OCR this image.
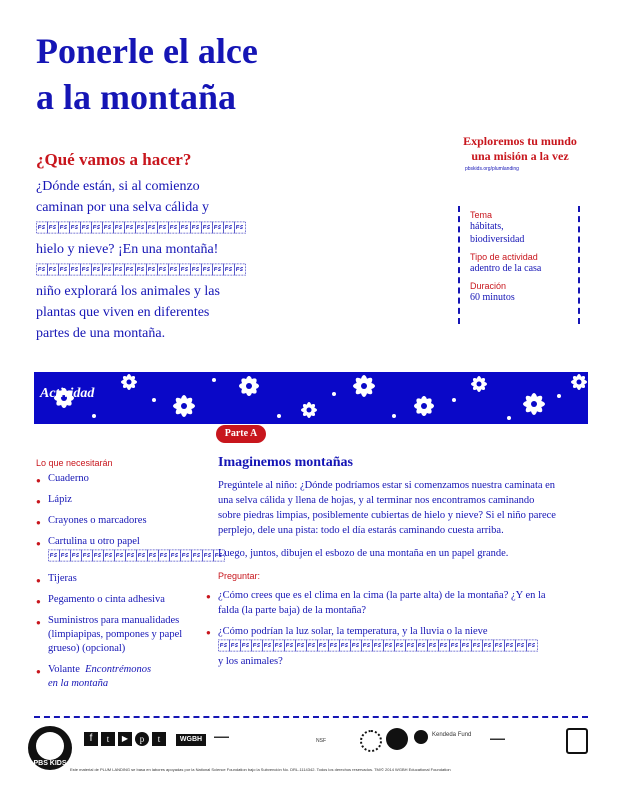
Ponerle el alce
a la montaña
¿Qué vamos a hacer?
¿Dónde están, si al comienzo
caminan por una selva cálida y

hielo y nieve? ¡En una montaña!

niño explorará los animales y las
plantas que viven en diferentes
partes de una montaña.
Exploremos tu mundo
una misión a la vez
pbskids.org/plumlanding
Tema
hábitats,
biodiversidad
Tipo de actividad
adentro de la casa
Duración
60 minutos
Actividad
Parte A
Lo que necesitarán
● Cuaderno
● Lápiz
● Crayones o marcadores
● Cartulina u otro papel

● Tijeras
● Pegamento o cinta adhesiva
● Suministros para manualidades (limpiapipas, pompones y papel grueso) (opcional)
● Volante Encontrémonos
en la montaña
Imaginemos montañas

Pregúntele al niño: ¿Dónde podríamos estar si comenzamos nuestra caminata en una selva cálida y llena de hojas, y al terminar nos encontramos caminando sobre piedras limpias, posiblemente cubiertas de hielo y nieve? Si el niño parece perplejo, dele una pista: todo el día estarás caminando cuesta arriba.

Luego, juntos, dibujen el esbozo de una montaña en un papel grande.

Preguntar:
● ¿Cómo crees que es el clima en la cima (la parte alta) de la montaña? ¿Y en la falda (la parte baja) de la montaña?
● ¿Cómo podrían la luz solar, la temperatura, y la lluvia o la nieve

y los animales?
PBS KIDS
f	t	▶	p	t	WGBH	▬▬▬
NSF
Kendeda Fund
▬▬▬
Este material de PLUM LANDING se basa en labores apoyadas por la National Science Foundation bajo la Subvención No. DRL-1114342. Todos los derechos reservados. TM/© 2014 WGBH Educational Foundation
